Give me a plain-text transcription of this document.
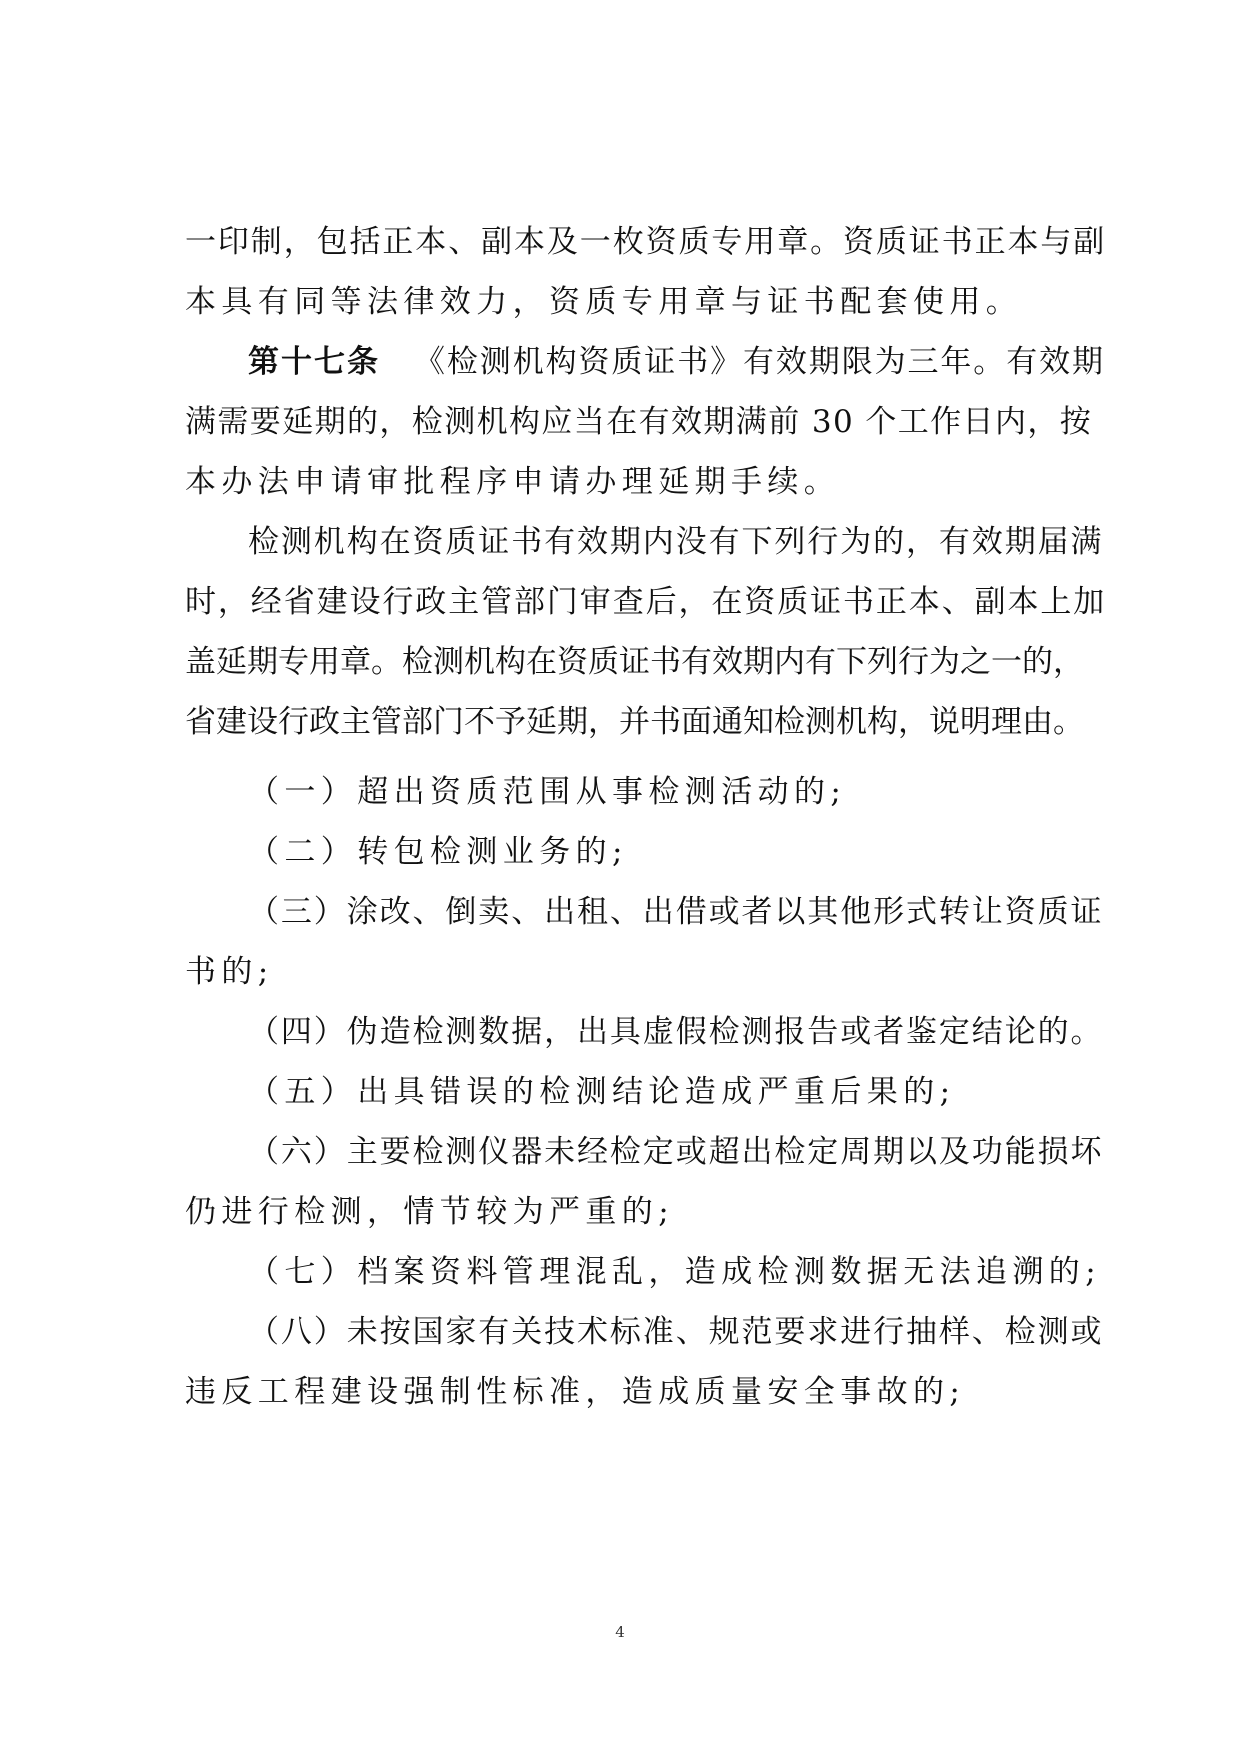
一印制，包括正本、副本及一枚资质专用章。资质证书正本与副
本具有同等法律效力，资质专用章与证书配套使用。
第十七条 《检测机构资质证书》有效期限为三年。有效期
满需要延期的，检测机构应当在有效期满前 30 个工作日内，按
本办法申请审批程序申请办理延期手续。
检测机构在资质证书有效期内没有下列行为的，有效期届满
时，经省建设行政主管部门审查后，在资质证书正本、副本上加
盖延期专用章。检测机构在资质证书有效期内有下列行为之一的，
省建设行政主管部门不予延期，并书面通知检测机构，说明理由。
（一）超出资质范围从事检测活动的;
（二）转包检测业务的;
（三）涂改、倒卖、出租、出借或者以其他形式转让资质证
书的;
（四）伪造检测数据，出具虚假检测报告或者鉴定结论的。
（五）出具错误的检测结论造成严重后果的;
（六）主要检测仪器未经检定或超出检定周期以及功能损坏
仍进行检测，情节较为严重的;
（七）档案资料管理混乱，造成检测数据无法追溯的;
（八）未按国家有关技术标准、规范要求进行抽样、检测或
违反工程建设强制性标准，造成质量安全事故的;
4
